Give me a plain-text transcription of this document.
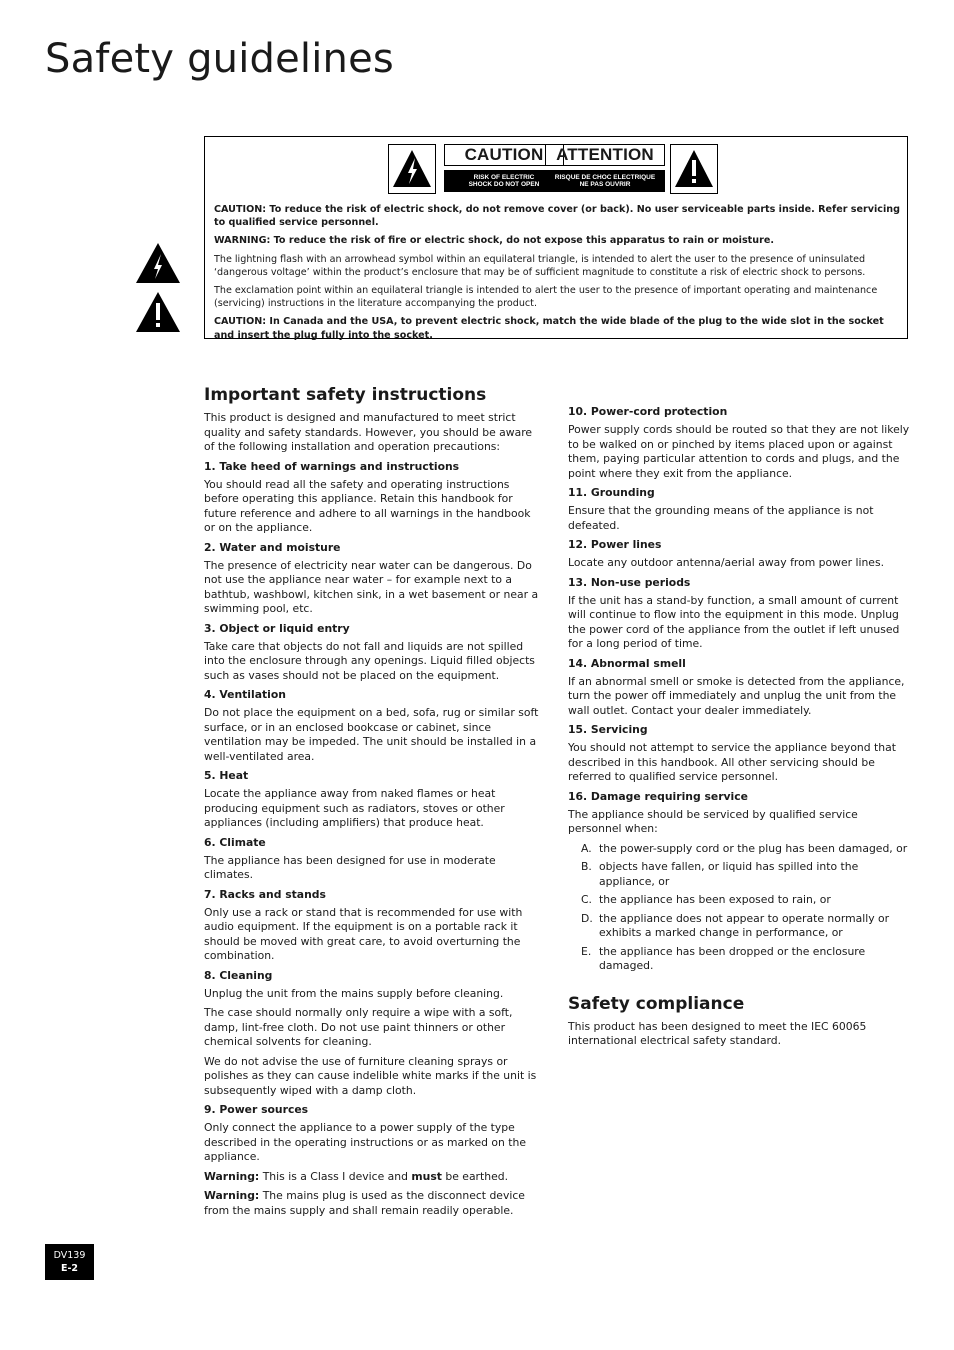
Safety guidelines
CAUTION
RISK OF ELECTRIC
SHOCK DO NOT OPEN
ATTENTION
RISQUE DE CHOC ELECTRIQUE
NE PAS OUVRIR

CAUTION: To reduce the risk of electric shock, do not remove cover (or back). No user serviceable parts inside. Refer servicing to qualified service personnel.

WARNING: To reduce the risk of fire or electric shock, do not expose this apparatus to rain or moisture.

The lightning flash with an arrowhead symbol within an equilateral triangle, is intended to alert the user to the presence of uninsulated ‘dangerous voltage’ within the product’s enclosure that may be of sufficient magnitude to constitute a risk of electric shock to persons.

The exclamation point within an equilateral triangle is intended to alert the user to the presence of important operating and maintenance (servicing) instructions in the literature accompanying the product.

CAUTION: In Canada and the USA, to prevent electric shock, match the wide blade of the plug to the wide slot in the socket and insert the plug fully into the socket.

Important safety instructions

This product is designed and manufactured to meet strict quality and safety standards. However, you should be aware of the following installation and operation precautions:

1. Take heed of warnings and instructions

You should read all the safety and operating instructions before operating this appliance. Retain this handbook for future reference and adhere to all warnings in the handbook or on the appliance.

2. Water and moisture

The presence of electricity near water can be dangerous. Do not use the appliance near water – for example next to a bathtub, washbowl, kitchen sink, in a wet basement or near a swimming pool, etc.

3. Object or liquid entry

Take care that objects do not fall and liquids are not spilled into the enclosure through any openings. Liquid filled objects such as vases should not be placed on the equipment.

4. Ventilation

Do not place the equipment on a bed, sofa, rug or similar soft surface, or in an enclosed bookcase or cabinet, since ventilation may be impeded. The unit should be installed in a well-ventilated area.

5. Heat

Locate the appliance away from naked flames or heat producing equipment such as radiators, stoves or other appliances (including amplifiers) that produce heat.

6. Climate

The appliance has been designed for use in moderate climates.

7. Racks and stands

Only use a rack or stand that is recommended for use with audio equipment. If the equipment is on a portable rack it should be moved with great care, to avoid overturning the combination.

8. Cleaning

Unplug the unit from the mains supply before cleaning.

The case should normally only require a wipe with a soft, damp, lint-free cloth. Do not use paint thinners or other chemical solvents for cleaning.

We do not advise the use of furniture cleaning sprays or polishes as they can cause indelible white marks if the unit is subsequently wiped with a damp cloth.

9. Power sources

Only connect the appliance to a power supply of the type described in the operating instructions or as marked on the appliance.

Warning: This is a Class I device and must be earthed.

Warning: The mains plug is used as the disconnect device from the mains supply and shall remain readily operable.

10. Power-cord protection

Power supply cords should be routed so that they are not likely to be walked on or pinched by items placed upon or against them, paying particular attention to cords and plugs, and the point where they exit from the appliance.

11. Grounding

Ensure that the grounding means of the appliance is not defeated.

12. Power lines

Locate any outdoor antenna/aerial away from power lines.

13. Non-use periods

If the unit has a stand-by function, a small amount of current will continue to flow into the equipment in this mode. Unplug the power cord of the appliance from the outlet if left unused for a long period of time.

14. Abnormal smell

If an abnormal smell or smoke is detected from the appliance, turn the power off immediately and unplug the unit from the wall outlet. Contact your dealer immediately.

15. Servicing

You should not attempt to service the appliance beyond that described in this handbook. All other servicing should be referred to qualified service personnel.

16. Damage requiring service

The appliance should be serviced by qualified service personnel when:

A. the power-supply cord or the plug has been damaged, or
B. objects have fallen, or liquid has spilled into the appliance, or
C. the appliance has been exposed to rain, or
D. the appliance does not appear to operate normally or exhibits a marked change in performance, or
E. the appliance has been dropped or the enclosure damaged.
Safety compliance

This product has been designed to meet the IEC 60065 international electrical safety standard.

DV139
E-2
